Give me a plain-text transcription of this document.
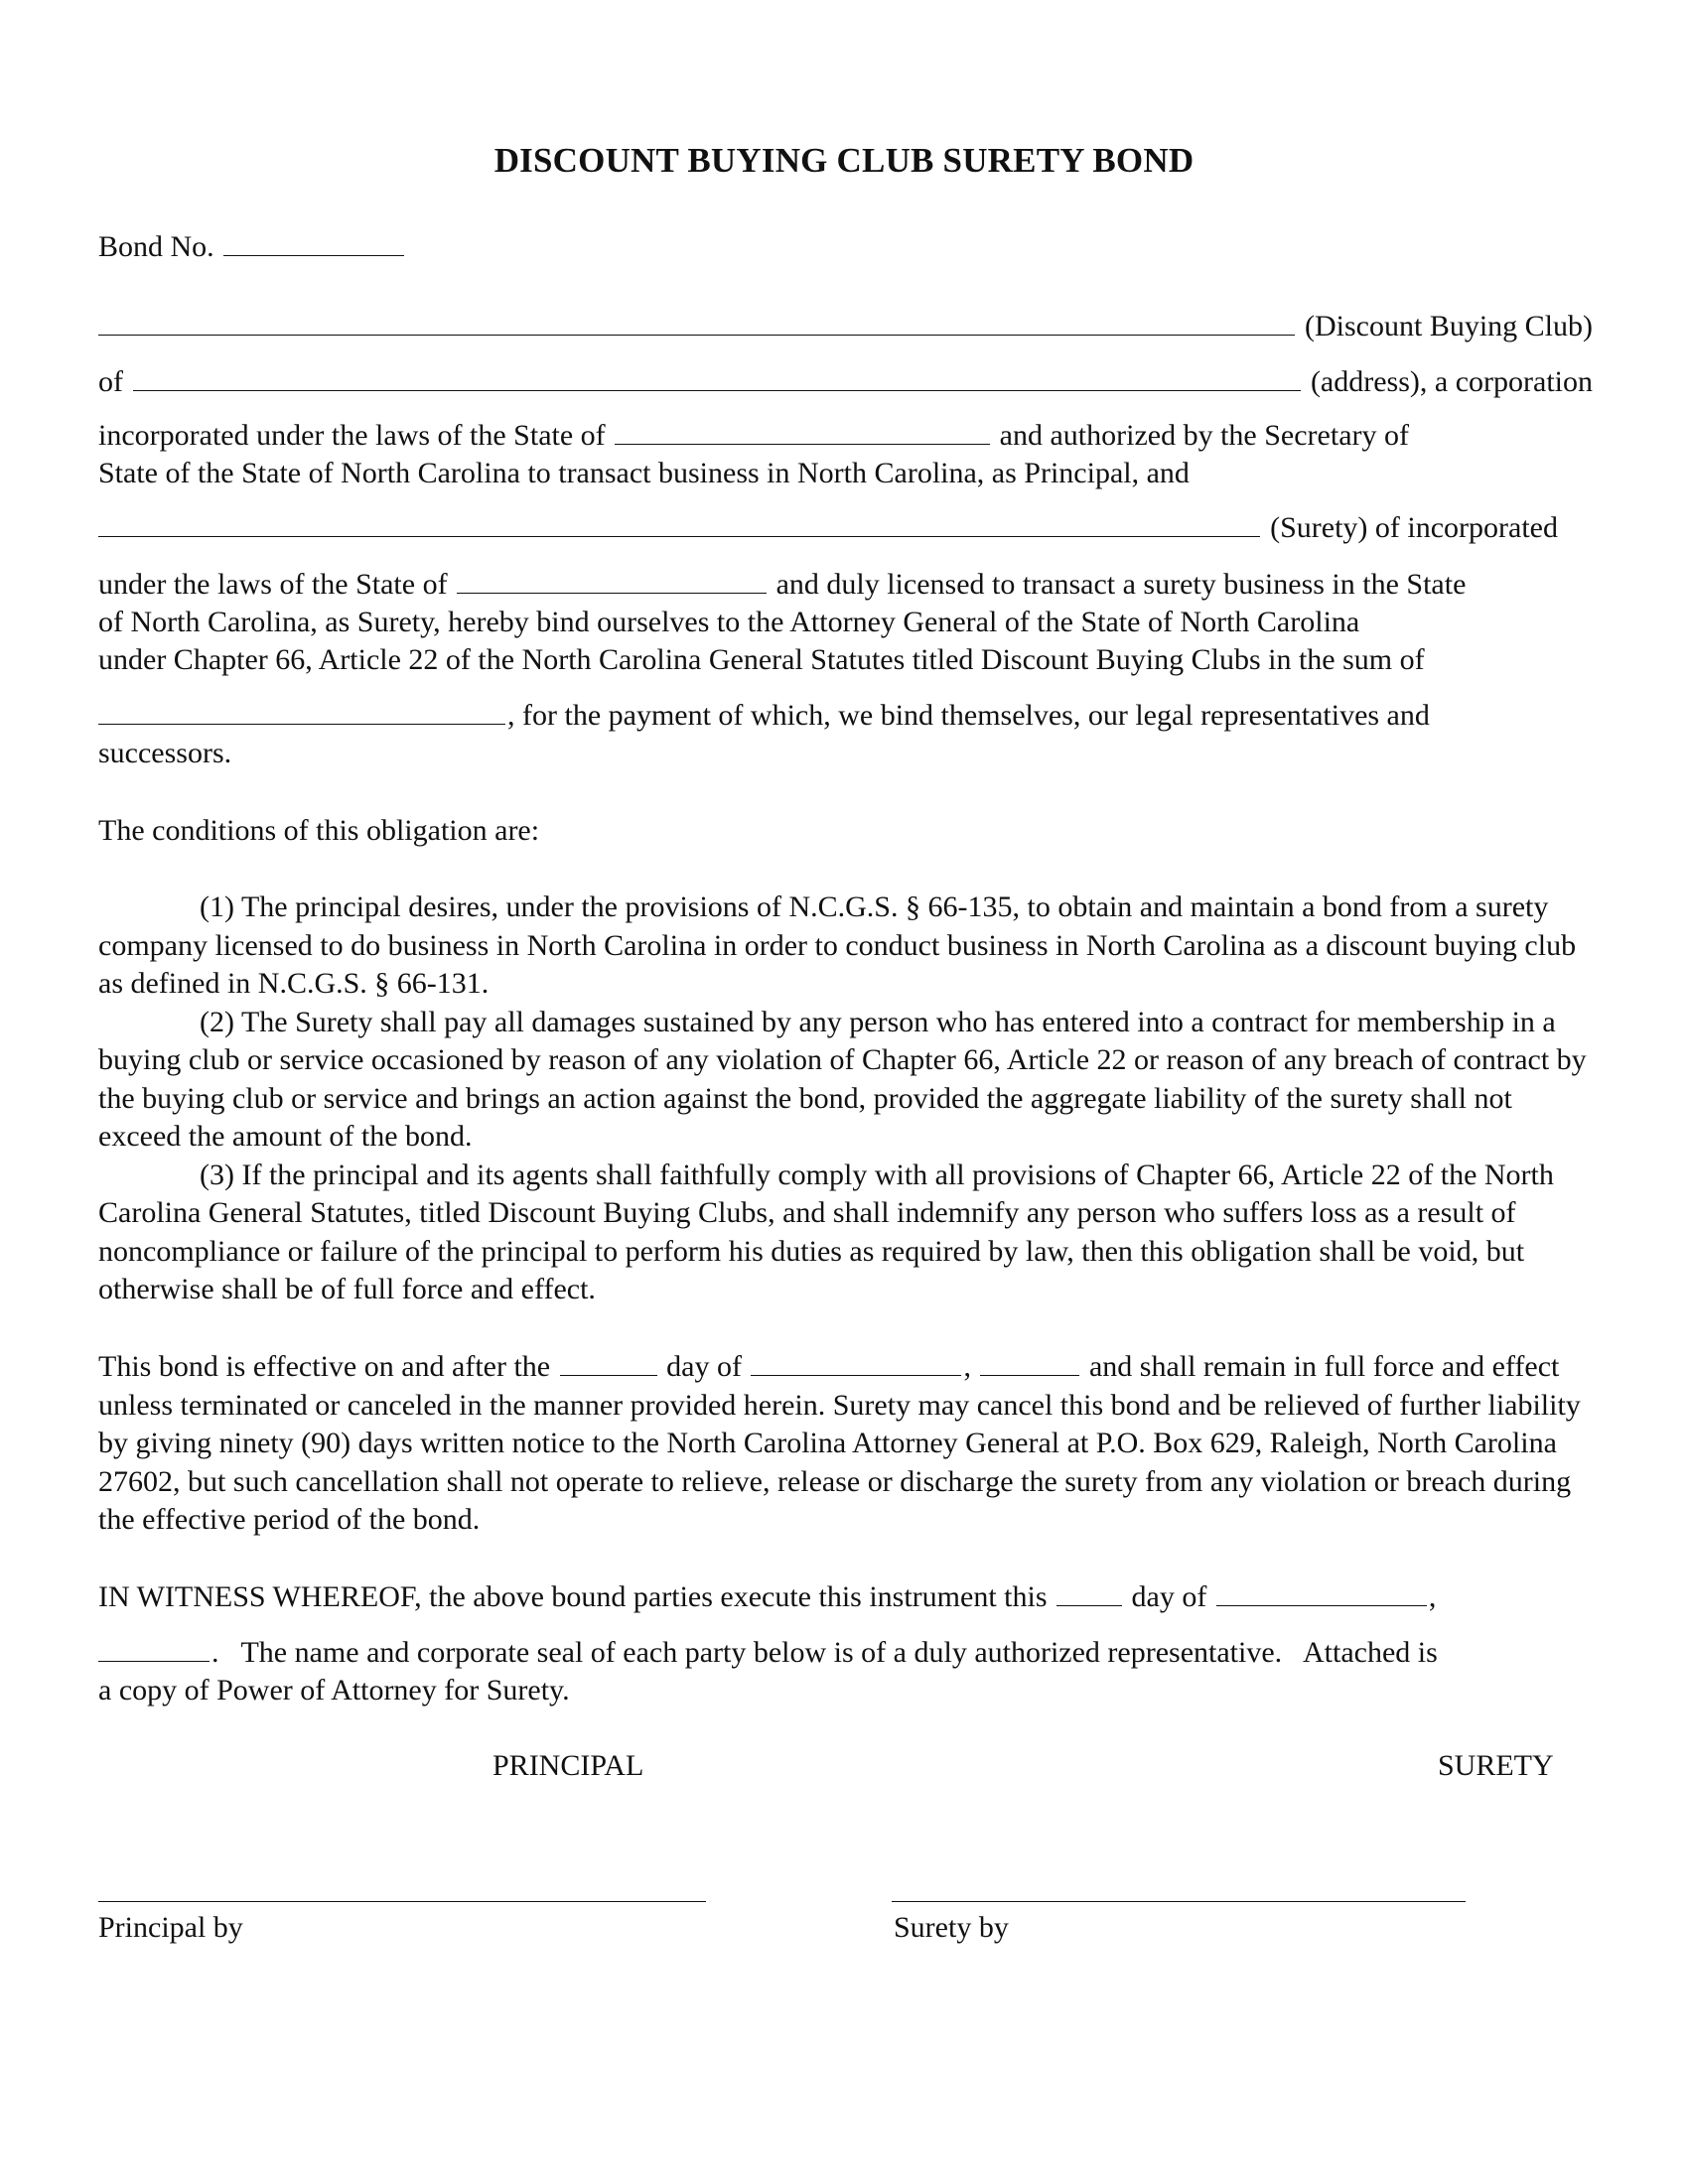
DISCOUNT BUYING CLUB SURETY BOND
Bond No.
(Discount Buying Club)
of	(address), a corporation
incorporated under the laws of the State of	and authorized by the Secretary of
State of the State of North Carolina to transact business in North Carolina, as Principal, and
(Surety) of incorporated
under the laws of the State of	and duly licensed to transact a surety business in the State
of North Carolina, as Surety, hereby bind ourselves to the Attorney General of the State of North Carolina
under Chapter 66, Article 22 of the North Carolina General Statutes titled Discount Buying Clubs in the sum of
, for the payment of which, we bind themselves, our legal representatives and
successors.
The conditions of this obligation are:
(1) The principal desires, under the provisions of N.C.G.S. § 66-135, to obtain and maintain a bond from a surety company licensed to do business in North Carolina in order to conduct business in North Carolina as a discount buying club as defined in N.C.G.S. § 66-131.
(2) The Surety shall pay all damages sustained by any person who has entered into a contract for membership in a buying club or service occasioned by reason of any violation of Chapter 66, Article 22 or reason of any breach of contract by the buying club or service and brings an action against the bond, provided the aggregate liability of the surety shall not exceed the amount of the bond.
(3) If the principal and its agents shall faithfully comply with all provisions of Chapter 66, Article 22 of the North Carolina General Statutes, titled Discount Buying Clubs, and shall indemnify any person who suffers loss as a result of noncompliance or failure of the principal to perform his duties as required by law, then this obligation shall be void, but otherwise shall be of full force and effect.
This bond is effective on and after the	day of	,	and shall remain in full force and effect unless terminated or canceled in the manner provided herein. Surety may cancel this bond and be relieved of further liability by giving ninety (90) days written notice to the North Carolina Attorney General at P.O. Box 629, Raleigh, North Carolina 27602, but such cancellation shall not operate to relieve, release or discharge the surety from any violation or breach during the effective period of the bond.
IN WITNESS WHEREOF, the above bound parties execute this instrument this	day of	,
.   The name and corporate seal of each party below is of a duly authorized representative.   Attached is
a copy of Power of Attorney for Surety.
PRINCIPAL	SURETY
Principal by	Surety by
